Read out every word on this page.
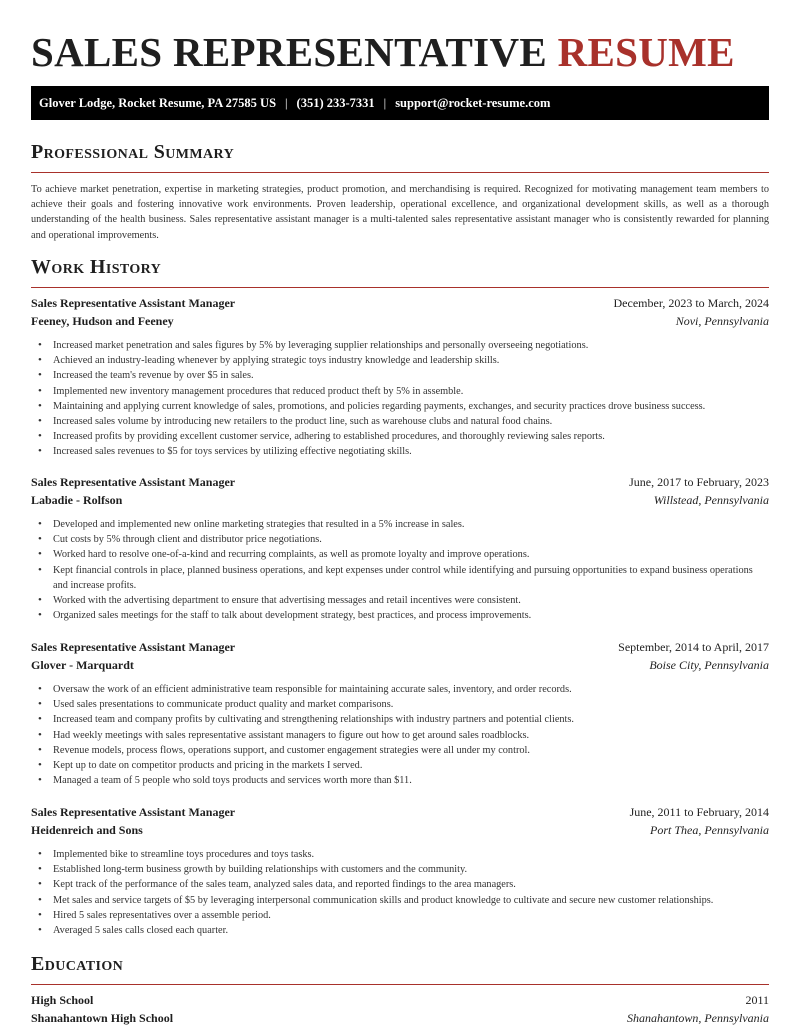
SALES REPRESENTATIVE RESUME
Glover Lodge, Rocket Resume, PA 27585 US | (351) 233-7331 | support@rocket-resume.com
Professional Summary
To achieve market penetration, expertise in marketing strategies, product promotion, and merchandising is required. Recognized for motivating management team members to achieve their goals and fostering innovative work environments. Proven leadership, operational excellence, and organizational development skills, as well as a thorough understanding of the health business. Sales representative assistant manager is a multi-talented sales representative assistant manager who is consistently rewarded for planning and operational improvements.
Work History
Sales Representative Assistant Manager	December, 2023 to March, 2024
Feeney, Hudson and Feeney	Novi, Pennsylvania
• Increased market penetration and sales figures by 5% by leveraging supplier relationships and personally overseeing negotiations.
• Achieved an industry-leading whenever by applying strategic toys industry knowledge and leadership skills.
• Increased the team's revenue by over $5 in sales.
• Implemented new inventory management procedures that reduced product theft by 5% in assemble.
• Maintaining and applying current knowledge of sales, promotions, and policies regarding payments, exchanges, and security practices drove business success.
• Increased sales volume by introducing new retailers to the product line, such as warehouse clubs and natural food chains.
• Increased profits by providing excellent customer service, adhering to established procedures, and thoroughly reviewing sales reports.
• Increased sales revenues to $5 for toys services by utilizing effective negotiating skills.
Sales Representative Assistant Manager	June, 2017 to February, 2023
Labadie - Rolfson	Willstead, Pennsylvania
• Developed and implemented new online marketing strategies that resulted in a 5% increase in sales.
• Cut costs by 5% through client and distributor price negotiations.
• Worked hard to resolve one-of-a-kind and recurring complaints, as well as promote loyalty and improve operations.
• Kept financial controls in place, planned business operations, and kept expenses under control while identifying and pursuing opportunities to expand business operations and increase profits.
• Worked with the advertising department to ensure that advertising messages and retail incentives were consistent.
• Organized sales meetings for the staff to talk about development strategy, best practices, and process improvements.
Sales Representative Assistant Manager	September, 2014 to April, 2017
Glover - Marquardt	Boise City, Pennsylvania
• Oversaw the work of an efficient administrative team responsible for maintaining accurate sales, inventory, and order records.
• Used sales presentations to communicate product quality and market comparisons.
• Increased team and company profits by cultivating and strengthening relationships with industry partners and potential clients.
• Had weekly meetings with sales representative assistant managers to figure out how to get around sales roadblocks.
• Revenue models, process flows, operations support, and customer engagement strategies were all under my control.
• Kept up to date on competitor products and pricing in the markets I served.
• Managed a team of 5 people who sold toys products and services worth more than $11.
Sales Representative Assistant Manager	June, 2011 to February, 2014
Heidenreich and Sons	Port Thea, Pennsylvania
• Implemented bike to streamline toys procedures and toys tasks.
• Established long-term business growth by building relationships with customers and the community.
• Kept track of the performance of the sales team, analyzed sales data, and reported findings to the area managers.
• Met sales and service targets of $5 by leveraging interpersonal communication skills and product knowledge to cultivate and secure new customer relationships.
• Hired 5 sales representatives over a assemble period.
• Averaged 5 sales calls closed each quarter.
Education
High School	2011
Shanahantown High School	Shanahantown, Pennsylvania
